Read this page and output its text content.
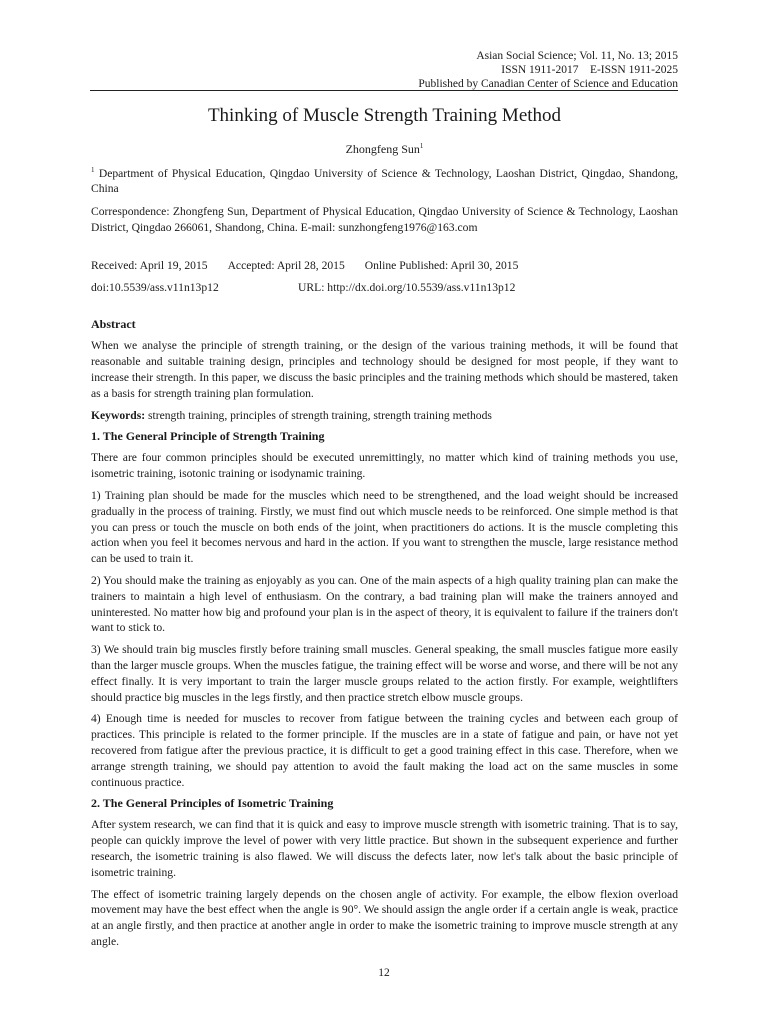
Asian Social Science; Vol. 11, No. 13; 2015
ISSN 1911-2017    E-ISSN 1911-2025
Published by Canadian Center of Science and Education
Thinking of Muscle Strength Training Method
Zhongfeng Sun$^1$

$^1$ Department of Physical Education, Qingdao University of Science & Technology, Laoshan District, Qingdao, Shandong, China

Correspondence: Zhongfeng Sun, Department of Physical Education, Qingdao University of Science & Technology, Laoshan District, Qingdao 266061, Shandong, China. E-mail: sunzhongfeng1976@163.com

Received: April 19, 2015 Accepted: April 28, 2015 Online Published: April 30, 2015
doi:10.5539/ass.v11n13p12	URL: http://dx.doi.org/10.5539/ass.v11n13p12
Abstract

When we analyse the principle of strength training, or the design of the various training methods, it will be found that reasonable and suitable training design, principles and technology should be designed for most people, if they want to increase their strength. In this paper, we discuss the basic principles and the training methods which should be mastered, taken as a basis for strength training plan formulation.

Keywords: strength training, principles of strength training, strength training methods

1. The General Principle of Strength Training

There are four common principles should be executed unremittingly, no matter which kind of training methods you use, isometric training, isotonic training or isodynamic training.

1) Training plan should be made for the muscles which need to be strengthened, and the load weight should be increased gradually in the process of training. Firstly, we must find out which muscle needs to be reinforced. One simple method is that you can press or touch the muscle on both ends of the joint, when practitioners do actions. It is the muscle completing this action when you feel it becomes nervous and hard in the action. If you want to strengthen the muscle, large resistance method can be used to train it.

2) You should make the training as enjoyably as you can. One of the main aspects of a high quality training plan can make the trainers to maintain a high level of enthusiasm. On the contrary, a bad training plan will make the trainers annoyed and uninterested. No matter how big and profound your plan is in the aspect of theory, it is equivalent to failure if the trainers don't want to stick to.

3) We should train big muscles firstly before training small muscles. General speaking, the small muscles fatigue more easily than the larger muscle groups. When the muscles fatigue, the training effect will be worse and worse, and there will be not any effect finally. It is very important to train the larger muscle groups related to the action firstly. For example, weightlifters should practice big muscles in the legs firstly, and then practice stretch elbow muscle groups.

4) Enough time is needed for muscles to recover from fatigue between the training cycles and between each group of practices. This principle is related to the former principle. If the muscles are in a state of fatigue and pain, or have not yet recovered from fatigue after the previous practice, it is difficult to get a good training effect in this case. Therefore, when we arrange strength training, we should pay attention to avoid the fault making the load act on the same muscles in some continuous practice.

2. The General Principles of Isometric Training

After system research, we can find that it is quick and easy to improve muscle strength with isometric training. That is to say, people can quickly improve the level of power with very little practice. But shown in the subsequent experience and further research, the isometric training is also flawed. We will discuss the defects later, now let's talk about the basic principle of isometric training.

The effect of isometric training largely depends on the chosen angle of activity. For example, the elbow flexion overload movement may have the best effect when the angle is 90°. We should assign the angle order if a certain angle is weak, practice at an angle firstly, and then practice at another angle in order to make the isometric training to improve muscle strength at any angle.

12
